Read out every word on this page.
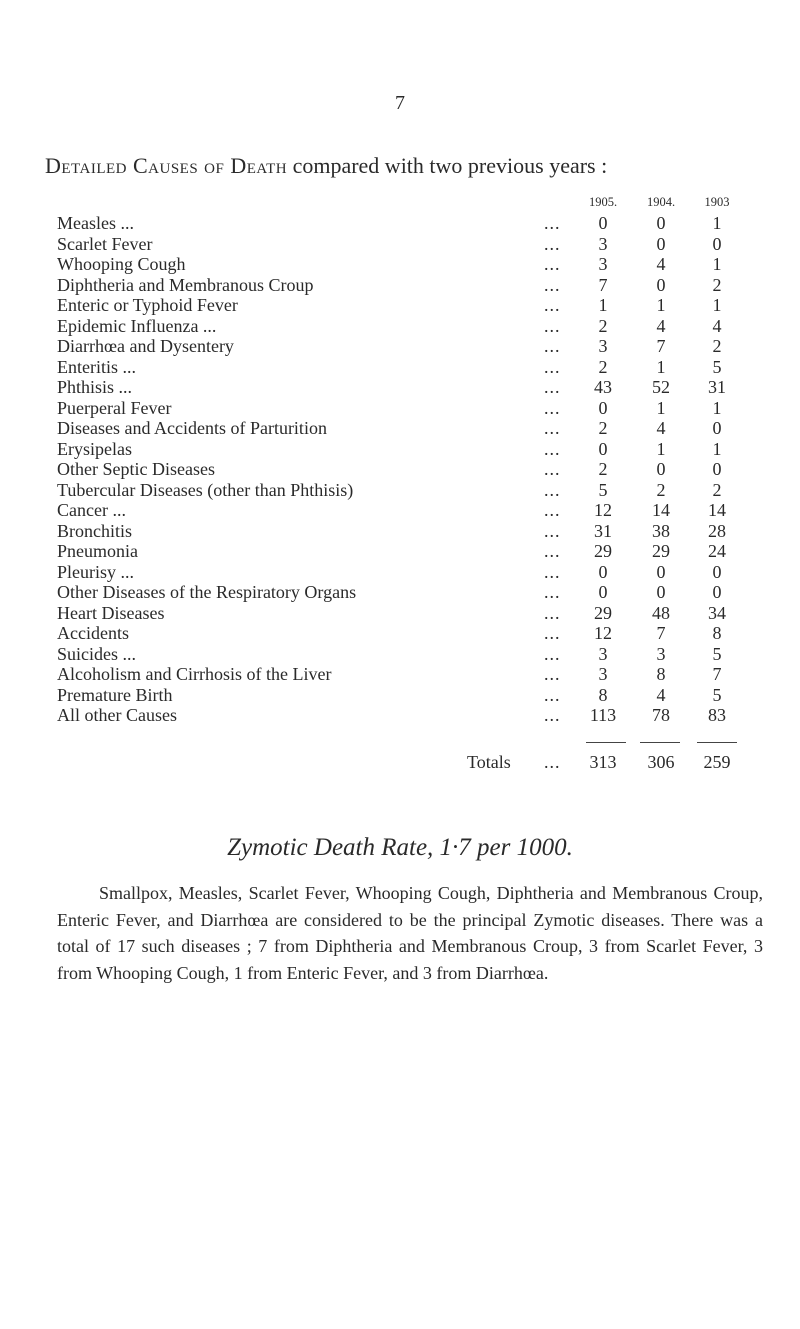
7
Detailed Causes of Death compared with two previous years :
1905.	1904.	1903
Measles ...	...	0	0	1
Scarlet Fever	...	3	0	0
Whooping Cough	...	3	4	1
Diphtheria and Membranous Croup	...	7	0	2
Enteric or Typhoid Fever	...	1	1	1
Epidemic Influenza ...	...	2	4	4
Diarrhœa and Dysentery	...	3	7	2
Enteritis ...	...	2	1	5
Phthisis ...	...	43	52	31
Puerperal Fever	...	0	1	1
Diseases and Accidents of Parturition	...	2	4	0
Erysipelas	...	0	1	1
Other Septic Diseases	...	2	0	0
Tubercular Diseases (other than Phthisis)	...	5	2	2
Cancer ...	...	12	14	14
Bronchitis	...	31	38	28
Pneumonia	...	29	29	24
Pleurisy ...	...	0	0	0
Other Diseases of the Respiratory Organs	...	0	0	0
Heart Diseases	...	29	48	34
Accidents	...	12	7	8
Suicides ...	...	3	3	5
Alcoholism and Cirrhosis of the Liver	...	3	8	7
Premature Birth	...	8	4	5
All other Causes	...	113	78	83
Totals ...	313	306	259
Zymotic Death Rate, 1·7 per 1000.
Smallpox, Measles, Scarlet Fever, Whooping Cough, Diphtheria and Membranous Croup, Enteric Fever, and Diarrhœa are considered to be the principal Zymotic diseases. There was a total of 17 such diseases ; 7 from Diphtheria and Membranous Croup, 3 from Scarlet Fever, 3 from Whooping Cough, 1 from Enteric Fever, and 3 from Diarrhœa.
